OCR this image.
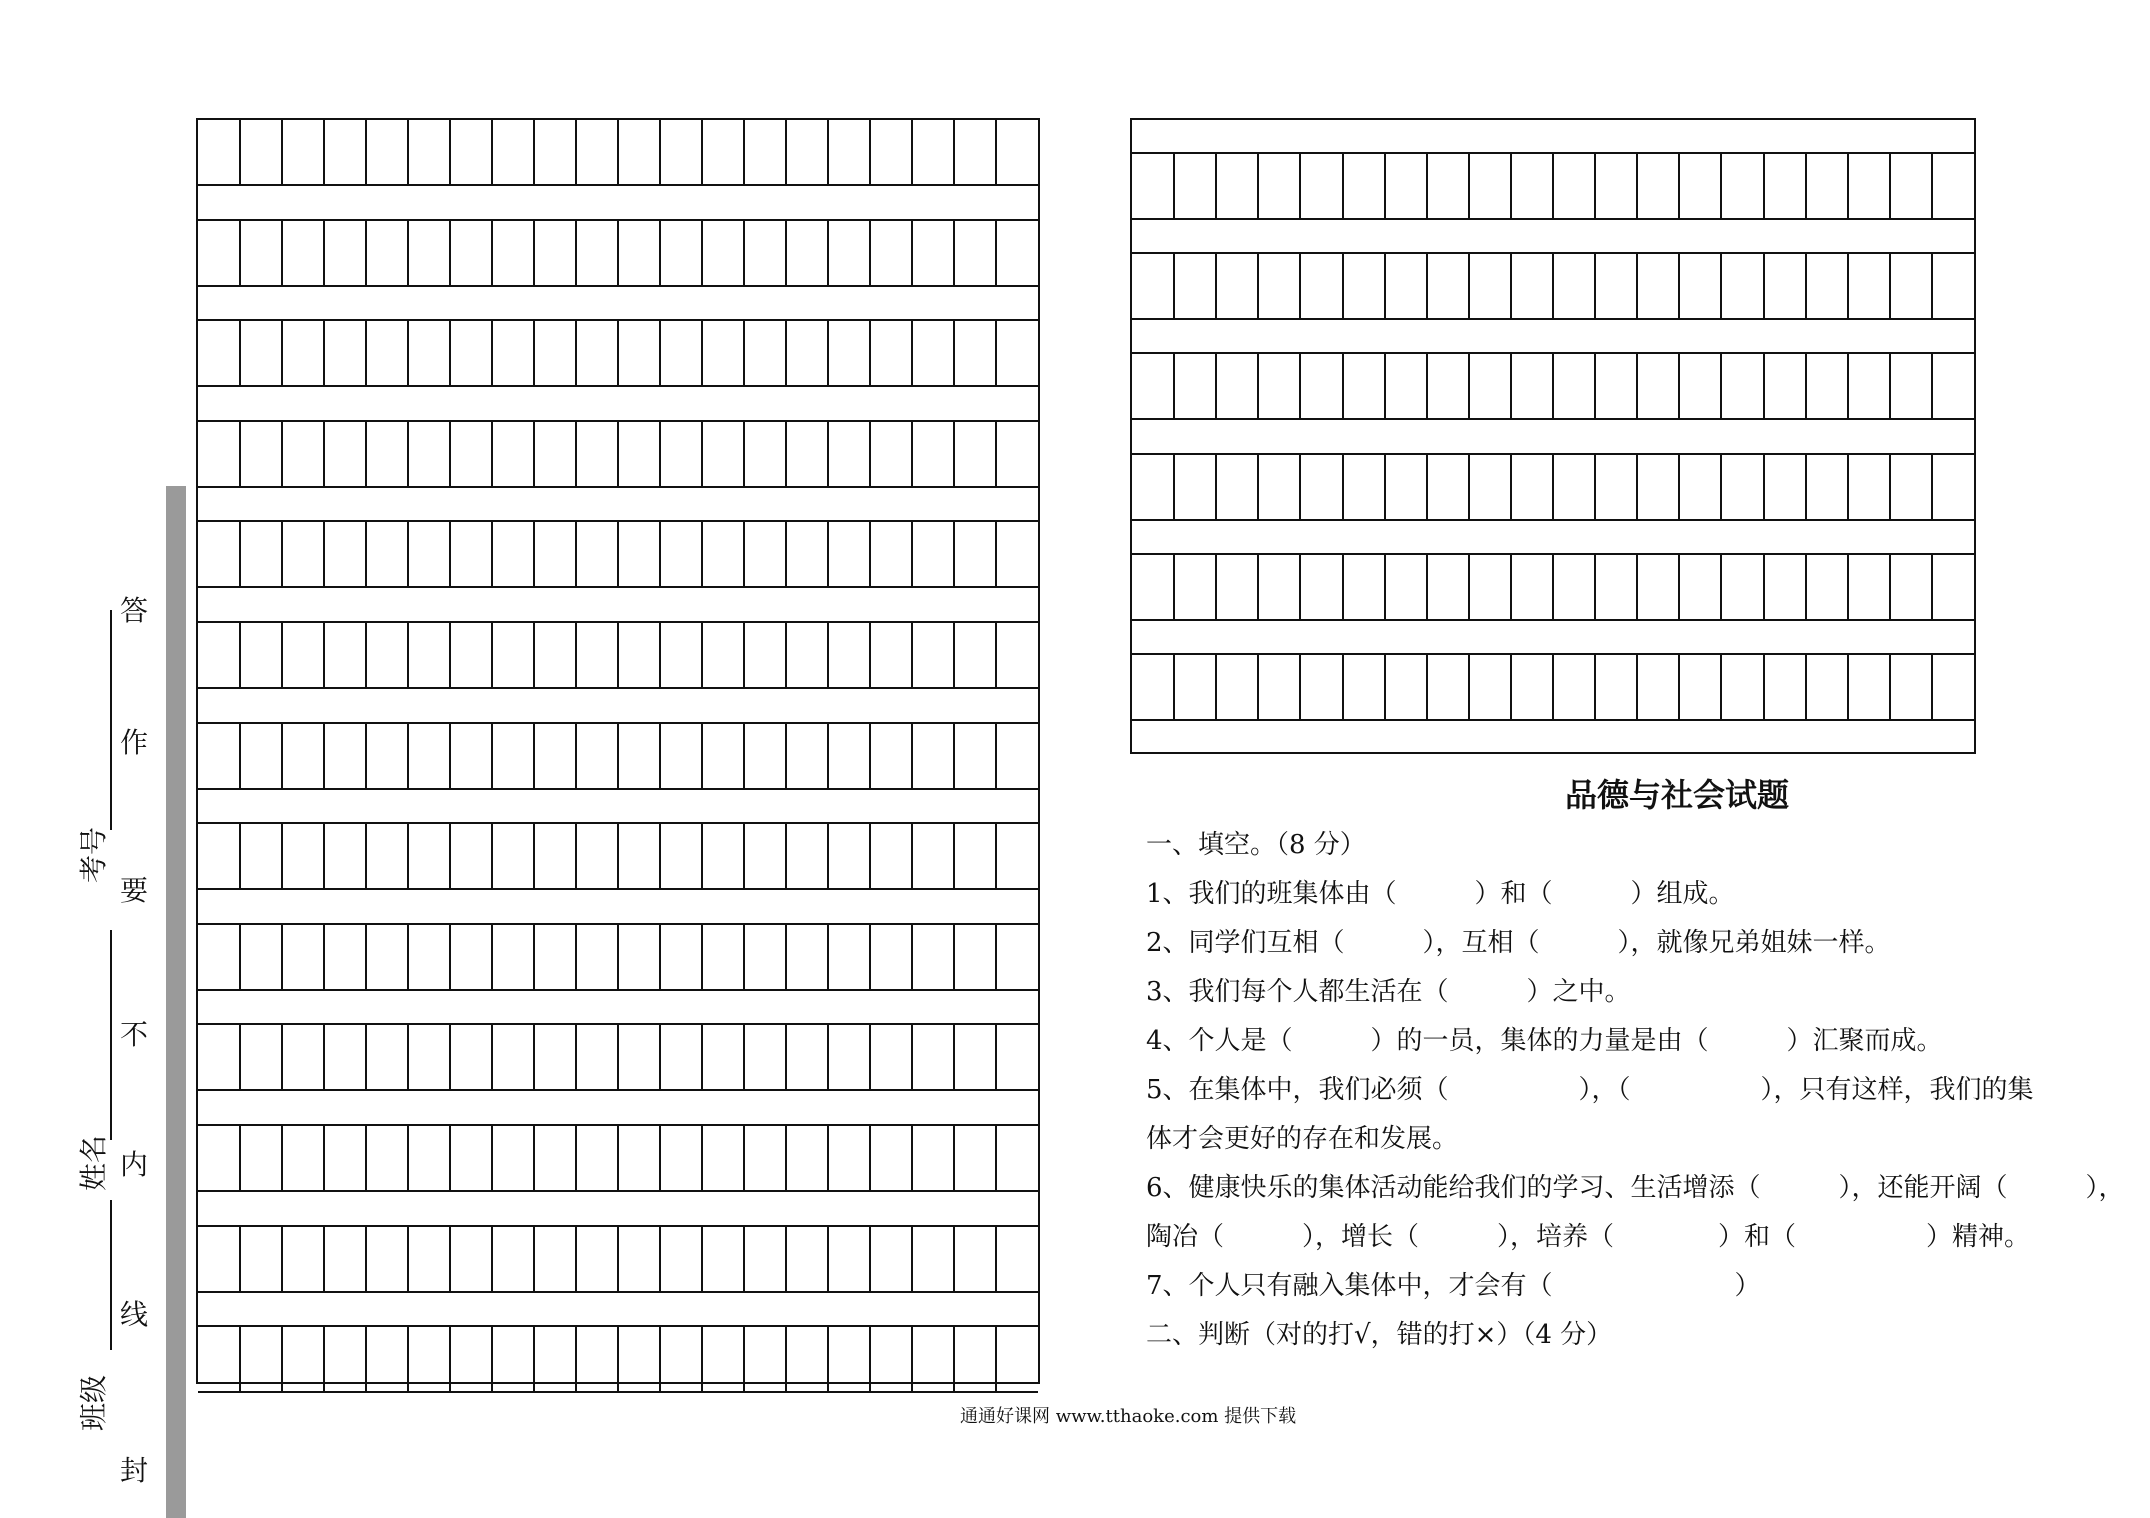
班级
姓名
考号
封
线
内
不
要
作
答
品德与社会试题
一、填空。（8 分）
1、我们的班集体由（　　　）和（　　　）组成。
2、同学们互相（　　　），互相（　　　），就像兄弟姐妹一样。
3、我们每个人都生活在（　　　）之中。
4、个人是（　　　）的一员，集体的力量是由（　　　）汇聚而成。
5、在集体中，我们必须（　　　　　），（　　　　　），只有这样，我们的集
体才会更好的存在和发展。
6、健康快乐的集体活动能给我们的学习、生活增添（　　　），还能开阔（　　　），
陶冶（　　　），增长（　　　），培养（　　　　）和（　　　　　）精神。
7、个人只有融入集体中，才会有（　　　　　　　）
二、判断（对的打√，错的打×）（4 分）
通通好课网 www.tthaoke.com 提供下载
